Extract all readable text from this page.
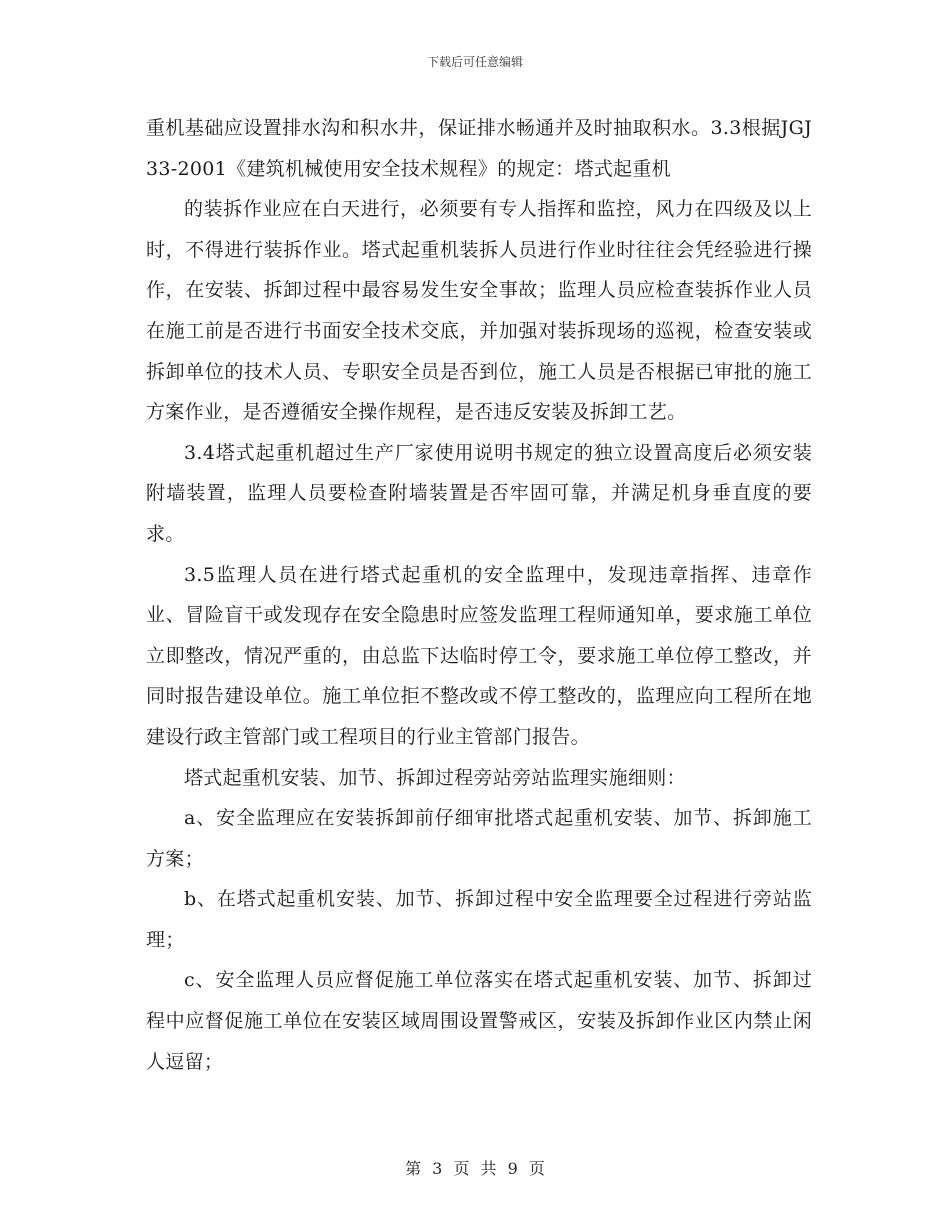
下载后可任意编辑

重机基础应设置排水沟和积水井，保证排水畅通并及时抽取积水。3.3根据JGJ33-2001《建筑机械使用安全技术规程》的规定：塔式起重机

的装拆作业应在白天进行，必须要有专人指挥和监控，风力在四级及以上时，不得进行装拆作业。塔式起重机装拆人员进行作业时往往会凭经验进行操作，在安装、拆卸过程中最容易发生安全事故；监理人员应检查装拆作业人员在施工前是否进行书面安全技术交底，并加强对装拆现场的巡视，检查安装或拆卸单位的技术人员、专职安全员是否到位，施工人员是否根据已审批的施工方案作业，是否遵循安全操作规程，是否违反安装及拆卸工艺。

3.4塔式起重机超过生产厂家使用说明书规定的独立设置高度后必须安装附墙装置，监理人员要检查附墙装置是否牢固可靠，并满足机身垂直度的要求。

3.5监理人员在进行塔式起重机的安全监理中，发现违章指挥、违章作业、冒险盲干或发现存在安全隐患时应签发监理工程师通知单，要求施工单位立即整改，情况严重的，由总监下达临时停工令，要求施工单位停工整改，并同时报告建设单位。施工单位拒不整改或不停工整改的，监理应向工程所在地建设行政主管部门或工程项目的行业主管部门报告。

塔式起重机安装、加节、拆卸过程旁站旁站监理实施细则：

a、安全监理应在安装拆卸前仔细审批塔式起重机安装、加节、拆卸施工方案；

b、在塔式起重机安装、加节、拆卸过程中安全监理要全过程进行旁站监理；

c、安全监理人员应督促施工单位落实在塔式起重机安装、加节、拆卸过程中应督促施工单位在安装区域周围设置警戒区，安装及拆卸作业区内禁止闲人逗留；

第 3 页 共 9 页
